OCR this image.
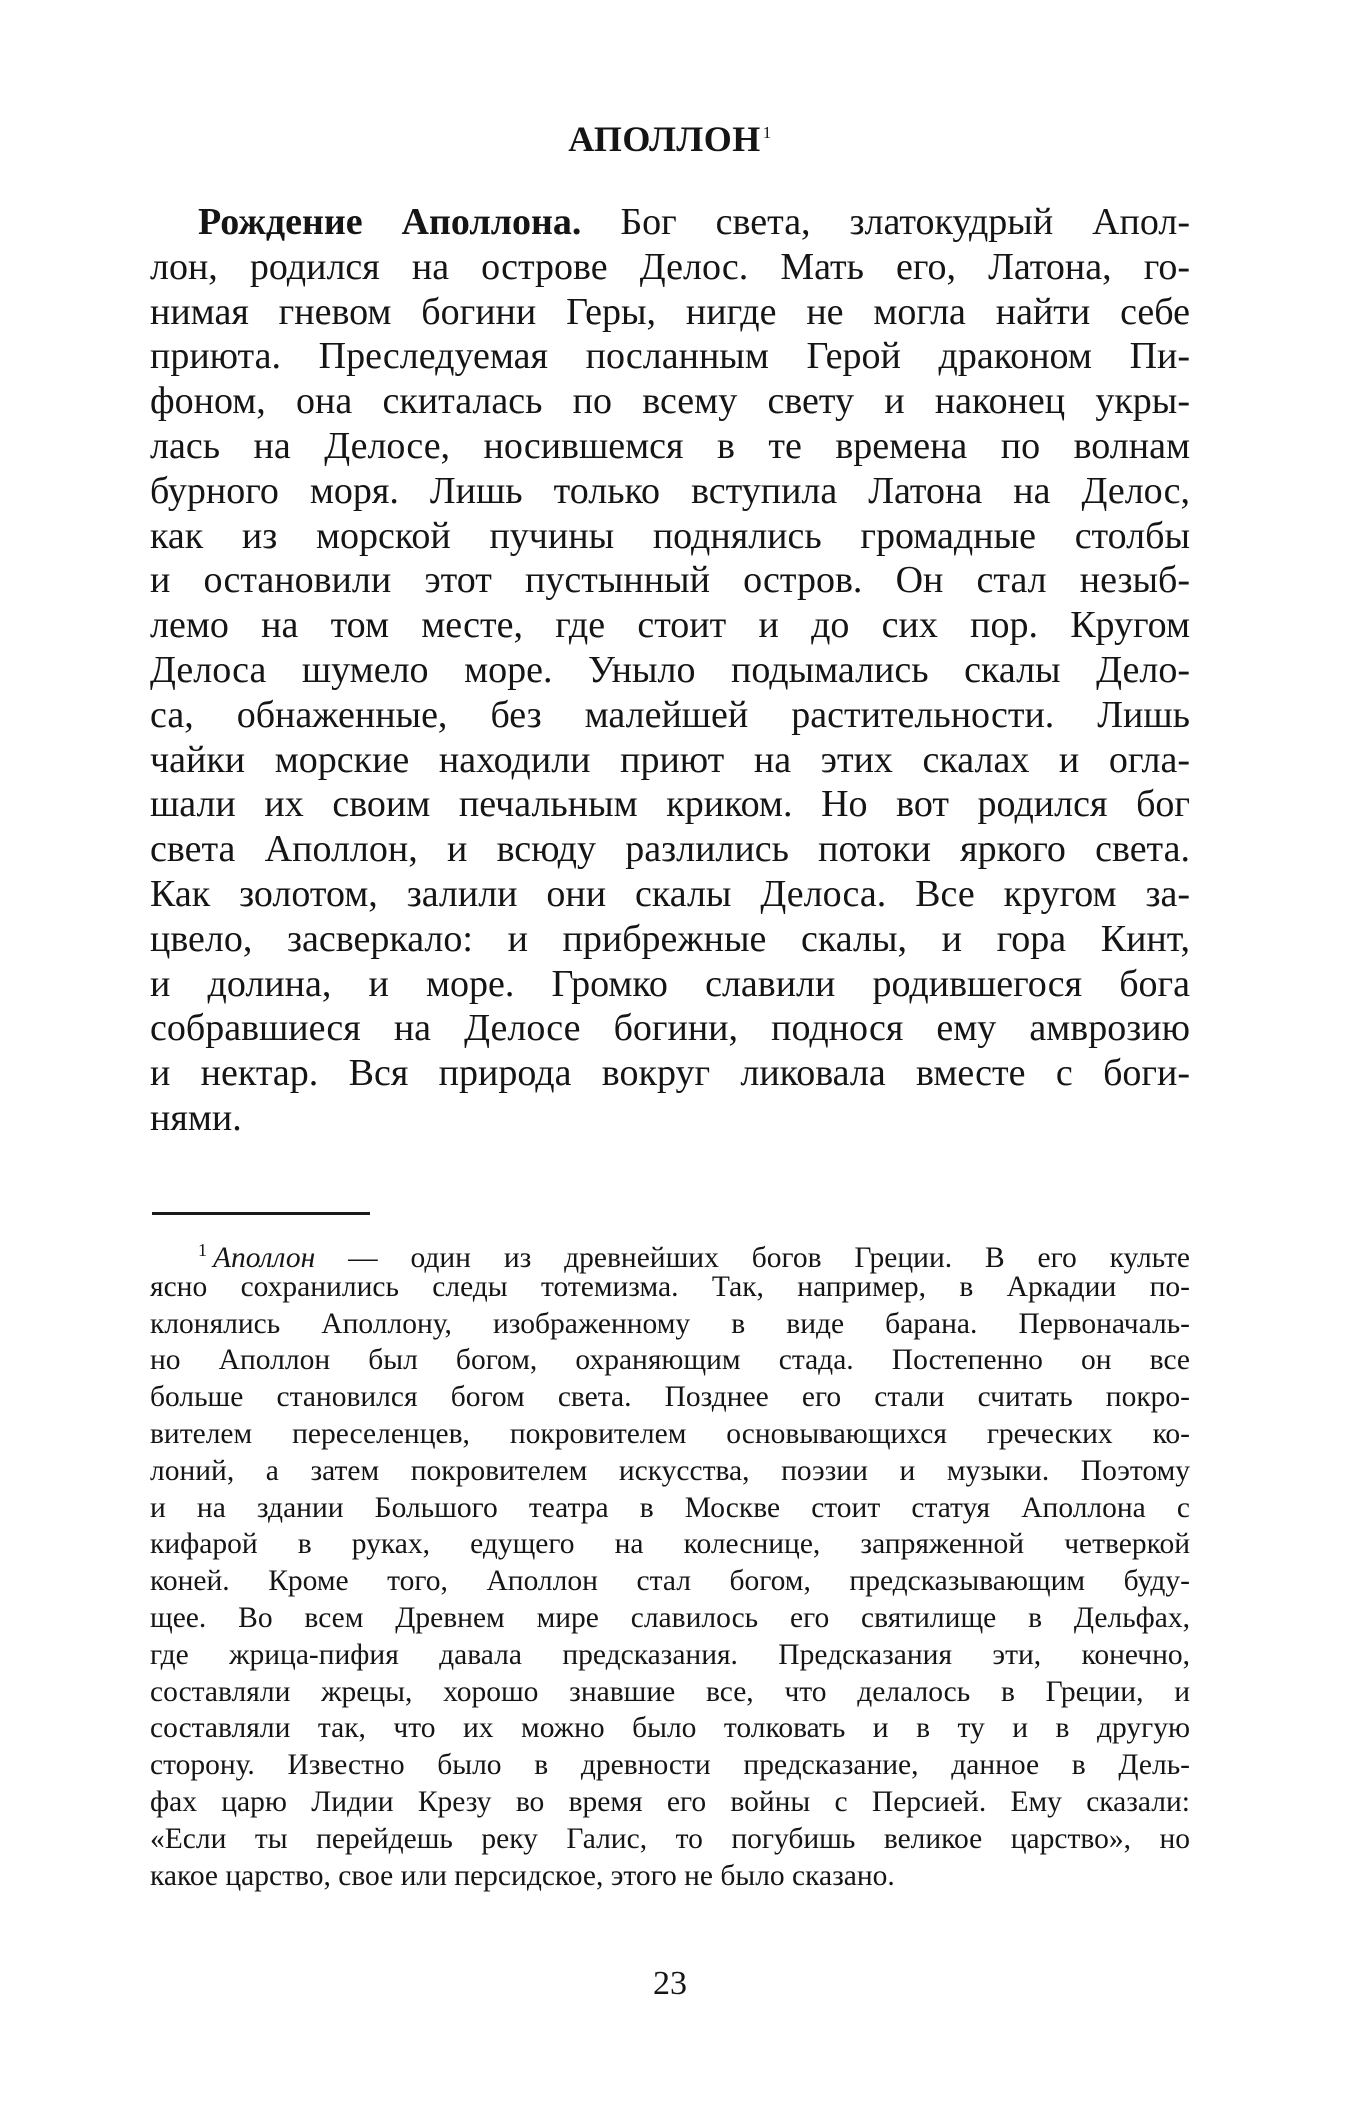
АПОЛЛОН $^1$
Рождение Аполлона. Бог света, златокудрый Апол-
лон, родился на острове Делос. Мать его, Латона, го-
нимая гневом богини Геры, нигде не могла найти себе
приюта. Преследуемая посланным Герой драконом Пи-
фоном, она скиталась по всему свету и наконец укры-
лась на Делосе, носившемся в те времена по волнам
бурного моря. Лишь только вступила Латона на Делос,
как из морской пучины поднялись громадные столбы
и остановили этот пустынный остров. Он стал незыб-
лемо на том месте, где стоит и до сих пор. Кругом
Делоса шумело море. Уныло подымались скалы Дело-
са, обнаженные, без малейшей растительности. Лишь
чайки морские находили приют на этих скалах и огла-
шали их своим печальным криком. Но вот родился бог
света Аполлон, и всюду разлились потоки яркого света.
Как золотом, залили они скалы Делоса. Все кругом за-
цвело, засверкало: и прибрежные скалы, и гора Кинт,
и долина, и море. Громко славили родившегося бога
собравшиеся на Делосе богини, поднося ему амврозию
и нектар. Вся природа вокруг ликовала вместе с боги-
нями.
$^1$ Аполлон — один из древнейших богов Греции. В его культе
ясно сохранились следы тотемизма. Так, например, в Аркадии по-
клонялись Аполлону, изображенному в виде барана. Первоначаль-
но Аполлон был богом, охраняющим стада. Постепенно он все
больше становился богом света. Позднее его стали считать покро-
вителем переселенцев, покровителем основывающихся греческих ко-
лоний, а затем покровителем искусства, поэзии и музыки. Поэтому
и на здании Большого театра в Москве стоит статуя Аполлона с
кифарой в руках, едущего на колеснице, запряженной четверкой
коней. Кроме того, Аполлон стал богом, предсказывающим буду-
щее. Во всем Древнем мире славилось его святилище в Дельфах,
где жрица-пифия давала предсказания. Предсказания эти, конечно,
составляли жрецы, хорошо знавшие все, что делалось в Греции, и
составляли так, что их можно было толковать и в ту и в другую
сторону. Известно было в древности предсказание, данное в Дель-
фах царю Лидии Крезу во время его войны с Персией. Ему сказали:
«Если ты перейдешь реку Галис, то погубишь великое царство», но
какое царство, свое или персидское, этого не было сказано.
23
